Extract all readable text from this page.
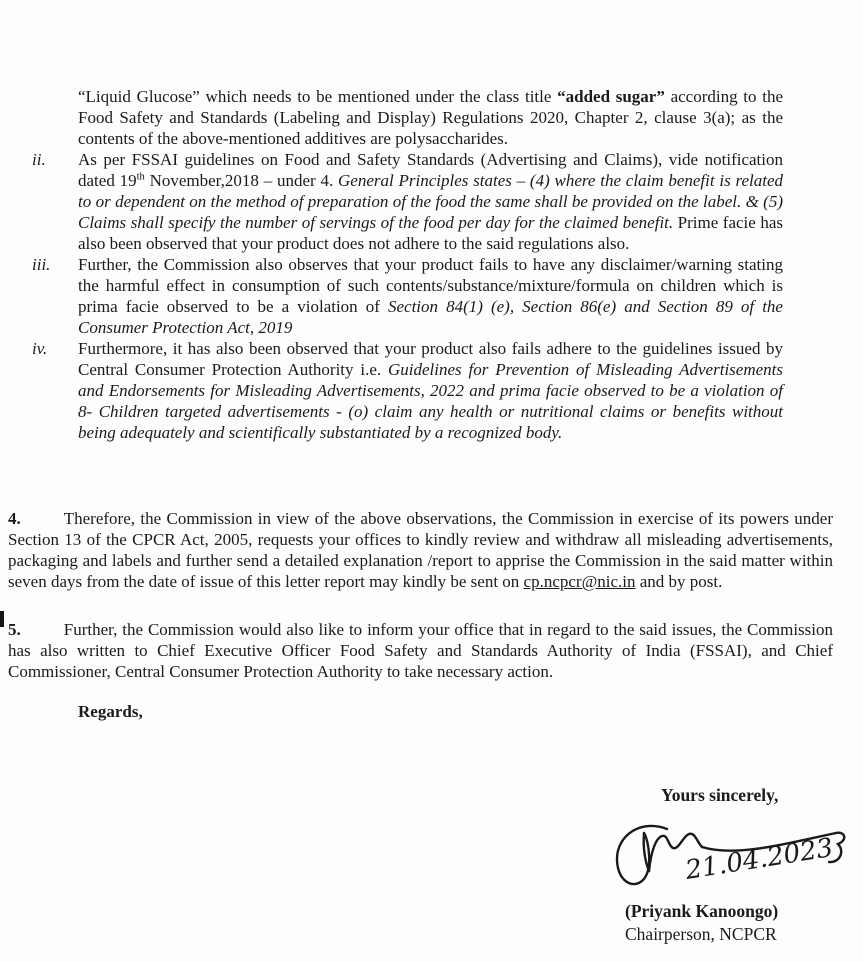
“Liquid Glucose” which needs to be mentioned under the class title “added sugar” according to the Food Safety and Standards (Labeling and Display) Regulations 2020, Chapter 2, clause 3(a); as the contents of the above-mentioned additives are polysaccharides.

ii. As per FSSAI guidelines on Food and Safety Standards (Advertising and Claims), vide notification dated 19th November,2018 – under 4. General Principles states – (4) where the claim benefit is related to or dependent on the method of preparation of the food the same shall be provided on the label. & (5) Claims shall specify the number of servings of the food per day for the claimed benefit. Prime facie has also been observed that your product does not adhere to the said regulations also.

iii. Further, the Commission also observes that your product fails to have any disclaimer/warning stating the harmful effect in consumption of such contents/substance/mixture/formula on children which is prima facie observed to be a violation of Section 84(1) (e), Section 86(e) and Section 89 of the Consumer Protection Act, 2019

iv. Furthermore, it has also been observed that your product also fails adhere to the guidelines issued by Central Consumer Protection Authority i.e. Guidelines for Prevention of Misleading Advertisements and Endorsements for Misleading Advertisements, 2022 and prima facie observed to be a violation of 8- Children targeted advertisements - (o) claim any health or nutritional claims or benefits without being adequately and scientifically substantiated by a recognized body.

4.	Therefore, the Commission in view of the above observations, the Commission in exercise of its powers under Section 13 of the CPCR Act, 2005, requests your offices to kindly review and withdraw all misleading advertisements, packaging and labels and further send a detailed explanation /report to apprise the Commission in the said matter within seven days from the date of issue of this letter report may kindly be sent on cp.ncpcr@nic.in and by post.

5.	Further, the Commission would also like to inform your office that in regard to the said issues, the Commission has also written to Chief Executive Officer Food Safety and Standards Authority of India (FSSAI), and Chief Commissioner, Central Consumer Protection Authority to take necessary action.

Regards,

Yours sincerely,
21.04.2023
(Priyank Kanoongo)
Chairperson, NCPCR
